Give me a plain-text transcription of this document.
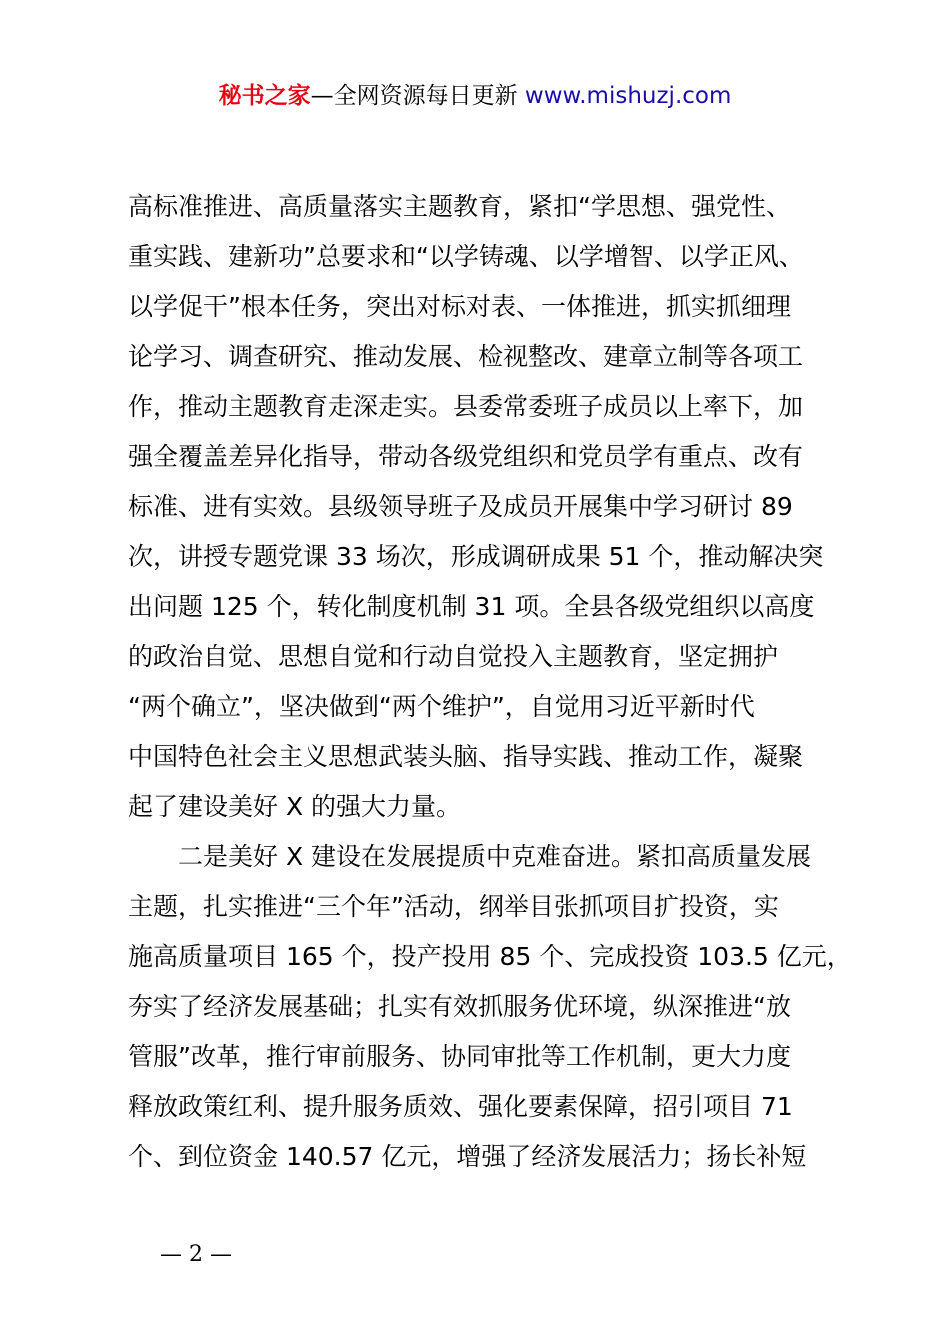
秘书之家—全网资源每日更新 www.mishuzj.com
高标准推进、高质量落实主题教育，紧扣“学思想、强党性、
重实践、建新功”总要求和“以学铸魂、以学增智、以学正风、
以学促干”根本任务，突出对标对表、一体推进，抓实抓细理
论学习、调查研究、推动发展、检视整改、建章立制等各项工
作，推动主题教育走深走实。县委常委班子成员以上率下，加
强全覆盖差异化指导，带动各级党组织和党员学有重点、改有
标准、进有实效。县级领导班子及成员开展集中学习研讨 89
次，讲授专题党课 33 场次，形成调研成果 51 个，推动解决突
出问题 125 个，转化制度机制 31 项。全县各级党组织以高度
的政治自觉、思想自觉和行动自觉投入主题教育，坚定拥护
“两个确立”，坚决做到“两个维护”，自觉用习近平新时代
中国特色社会主义思想武装头脑、指导实践、推动工作，凝聚
起了建设美好 X 的强大力量。
二是美好 X 建设在发展提质中克难奋进。紧扣高质量发展
主题，扎实推进“三个年”活动，纲举目张抓项目扩投资，实
施高质量项目 165 个，投产投用 85 个、完成投资 103.5 亿元，
夯实了经济发展基础；扎实有效抓服务优环境，纵深推进“放
管服”改革，推行审前服务、协同审批等工作机制，更大力度
释放政策红利、提升服务质效、强化要素保障，招引项目 71
个、到位资金 140.57 亿元，增强了经济发展活力；扬长补短
— 2 —
